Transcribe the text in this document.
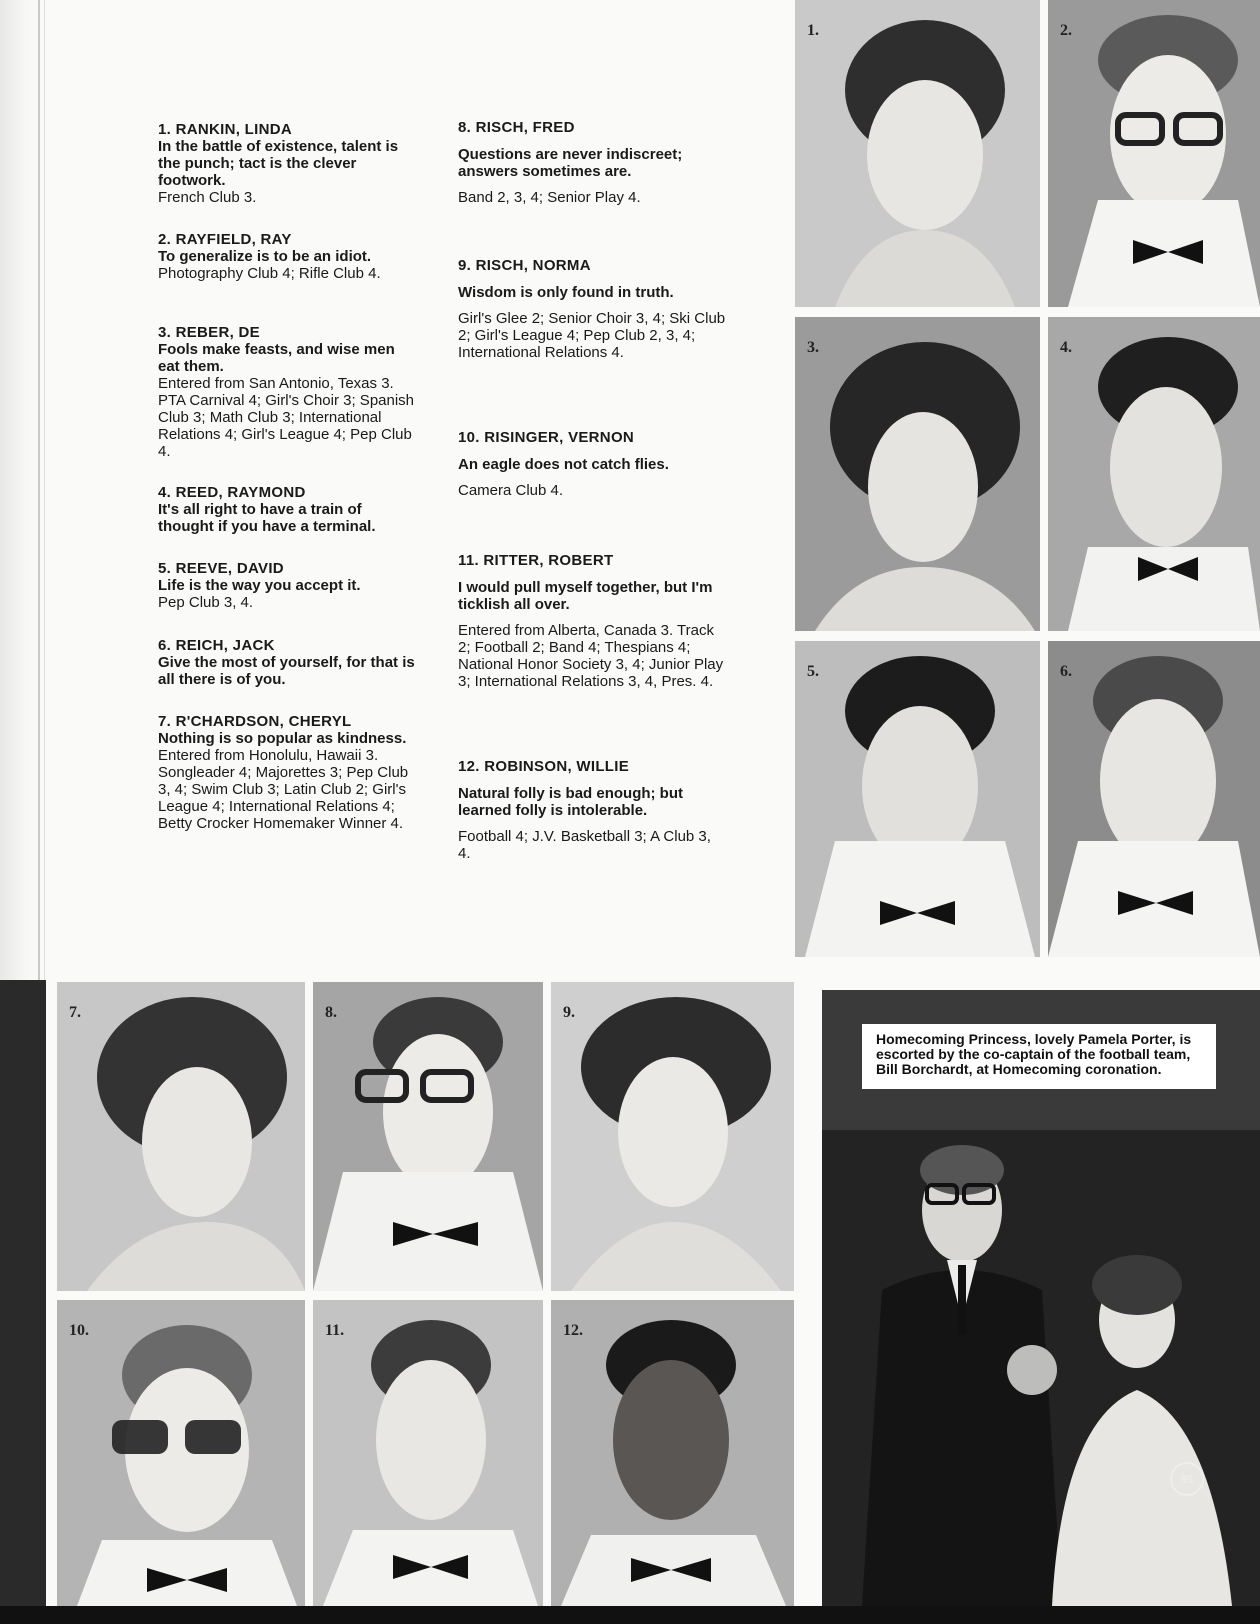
1. RANKIN, LINDA
In the battle of existence, talent is the punch; tact is the clever footwork.
French Club 3.
2. RAYFIELD, RAY
To generalize is to be an idiot.
Photography Club 4; Rifle Club 4.
3. REBER, DE
Fools make feasts, and wise men eat them.
Entered from San Antonio, Texas 3. PTA Carnival 4; Girl's Choir 3; Spanish Club 3; Math Club 3; International Relations 4; Girl's League 4; Pep Club 4.
4. REED, RAYMOND
It's all right to have a train of thought if you have a terminal.
5. REEVE, DAVID
Life is the way you accept it.
Pep Club 3, 4.
6. REICH, JACK
Give the most of yourself, for that is all there is of you.
7. R'CHARDSON, CHERYL
Nothing is so popular as kindness.
Entered from Honolulu, Hawaii 3. Songleader 4; Majorettes 3; Pep Club 3, 4; Swim Club 3; Latin Club 2; Girl's League 4; International Relations 4; Betty Crocker Homemaker Winner 4.
8. RISCH, FRED
Questions are never indiscreet; answers sometimes are.
Band 2, 3, 4; Senior Play 4.
9. RISCH, NORMA
Wisdom is only found in truth.
Girl's Glee 2; Senior Choir 3, 4; Ski Club 2; Girl's League 4; Pep Club 2, 3, 4; International Relations 4.
10. RISINGER, VERNON
An eagle does not catch flies.
Camera Club 4.
11. RITTER, ROBERT
I would pull myself together, but I'm ticklish all over.
Entered from Alberta, Canada 3. Track 2; Football 2; Band 4; Thespians 4; National Honor Society 3, 4; Junior Play 3; International Relations 3, 4, Pres. 4.
12. ROBINSON, WILLIE
Natural folly is bad enough; but learned folly is intolerable.
Football 4; J.V. Basketball 3; A Club 3, 4.
1.	2.
3.	4.
5.	6.
7.	8.	9.
10.	11.	12.
Homecoming Princess, lovely Pamela Porter, is escorted by the co-captain of the football team, Bill Borchardt, at Homecoming coronation.
95
